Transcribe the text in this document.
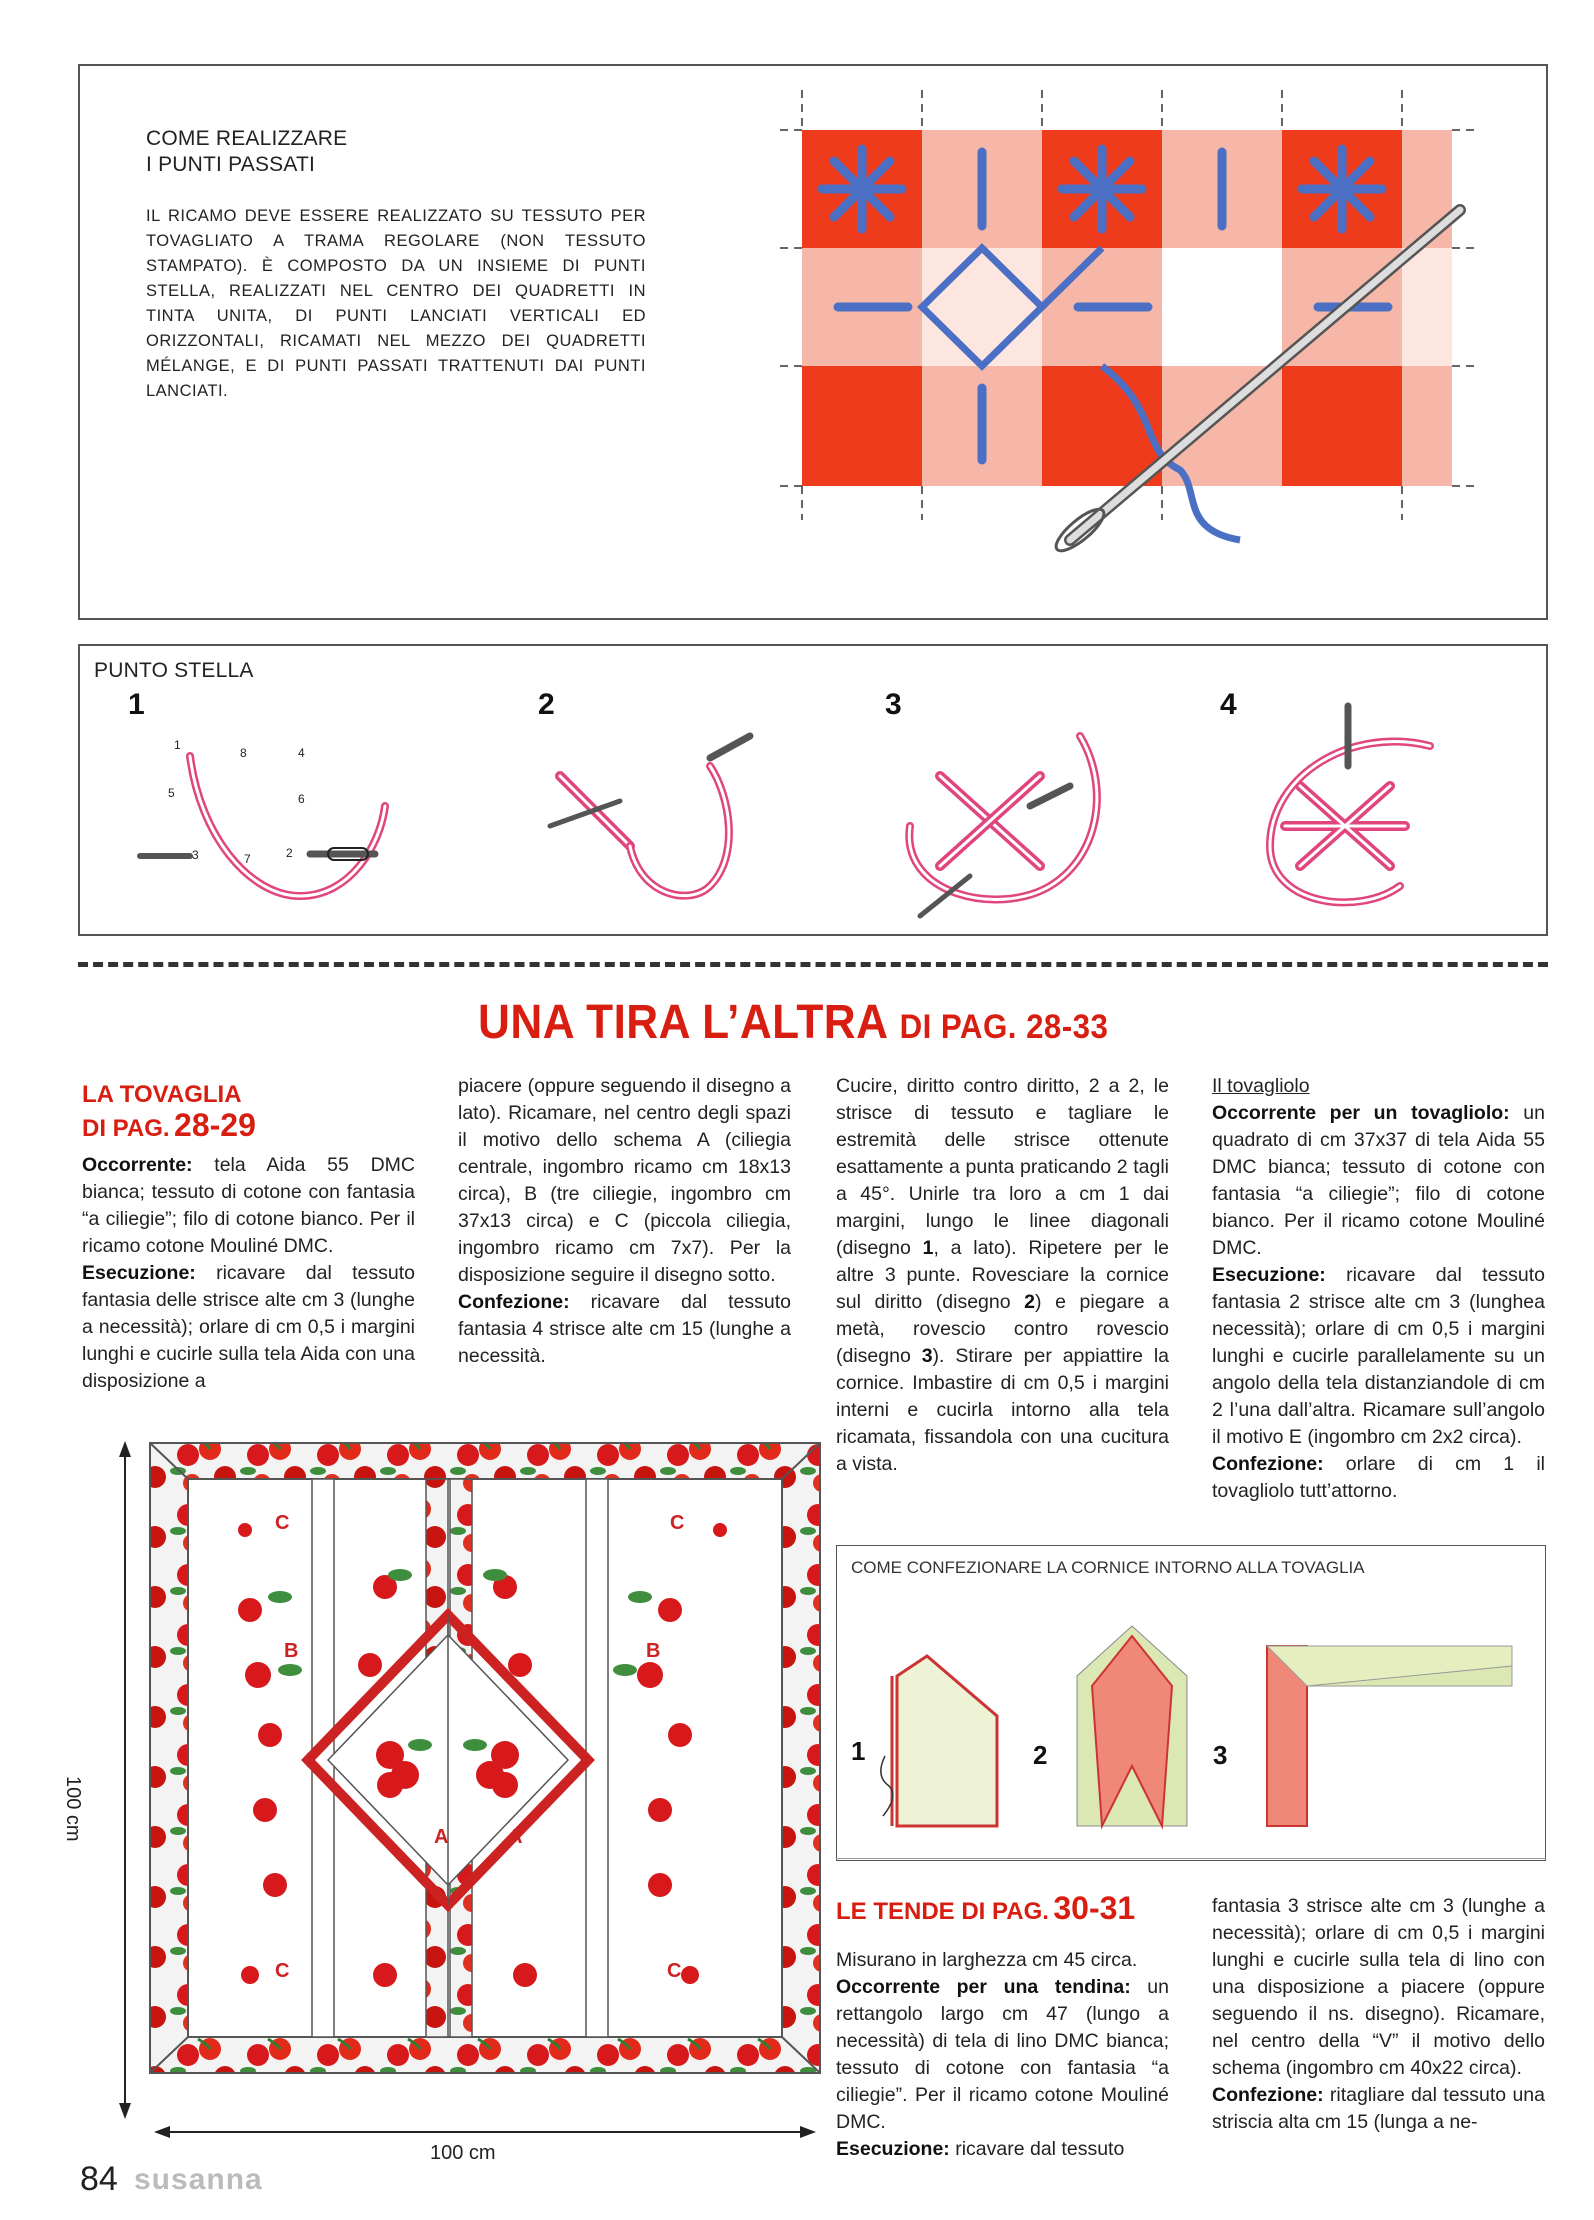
COME REALIZZARE
I PUNTI PASSATI
IL RICAMO DEVE ESSERE REALIZZATO SU TESSUTO PER TOVAGLIATO A TRAMA REGOLARE (NON TESSUTO STAMPATO). È COMPOSTO DA UN INSIEME DI PUNTI STELLA, REALIZZATI NEL CENTRO DEI QUADRETTI IN TINTA UNITA, DI PUNTI LANCIATI VERTICALI ED ORIZZONTALI, RICAMATI NEL MEZZO DEI QUADRETTI MÉLANGE, E DI PUNTI PASSATI TRATTENUTI DAI PUNTI LANCIATI.
PUNTO STELLA
1	2	3	4
1
8	4
5	6
3	7	2
UNA TIRA L’ALTRA DI PAG. 28-33
LA TOVAGLIA
DI PAG. 28-29

Occorrente: tela Aida 55 DMC bianca; tessuto di cotone con fantasia “a ciliegie”; filo di cotone bianco. Per il ricamo cotone Mouliné DMC.

Esecuzione: ricavare dal tessuto fantasia delle strisce alte cm 3 (lunghe a necessità); orlare di cm 0,5 i margini lunghi e cucirle sulla tela Aida con una disposizione a

piacere (oppure seguendo il disegno a lato). Ricamare, nel centro degli spazi il motivo dello schema A (ciliegia centrale, ingombro ricamo cm 18x13 circa), B (tre ciliegie, ingombro cm 37x13 circa) e C (piccola ciliegia, ingombro ricamo cm 7x7). Per la disposizione seguire il disegno sotto.

Confezione: ricavare dal tessuto fantasia 4 strisce alte cm 15 (lunghe a necessità.

Cucire, diritto contro diritto, 2 a 2, le strisce di tessuto e tagliare le estremità delle strisce ottenute esattamente a punta praticando 2 tagli a 45°. Unirle tra loro a cm 1 dai margini, lungo le linee diagonali (disegno 1, a lato). Ripetere per le altre 3 punte. Rovesciare la cornice sul diritto (disegno 2) e piegare a metà, rovescio contro rovescio (disegno 3). Stirare per appiattire la cornice. Imbastire di cm 0,5 i margini interni e cucirla intorno alla tela ricamata, fissandola con una cucitura a vista.

Il tovagliolo

Occorrente per un tovagliolo: un quadrato di cm 37x37 di tela Aida 55 DMC bianca; tessuto di cotone con fantasia “a ciliegie”; filo di cotone bianco. Per il ricamo cotone Mouliné DMC.

Esecuzione: ricavare dal tessuto fantasia 2 strisce alte cm 3 (lunghea necessità); orlare di cm 0,5 i margini lunghi e cucirle parallelamente su un angolo della tela distanziandole di cm 2 l’una dall’altra. Ricamare sull’angolo il motivo E (ingombro cm 2x2 circa).

Confezione: orlare di cm 1 il tovagliolo tutt’attorno.

100 cm
100 cm
C	C
B	B
A	A
C	C
COME CONFEZIONARE LA CORNICE INTORNO ALLA TOVAGLIA
1	2	3
LE TENDE DI PAG. 30-31

Misurano in larghezza cm 45 circa.

Occorrente per una tendina: un rettangolo largo cm 47 (lungo a necessità) di tela di lino DMC bianca; tessuto di cotone con fantasia “a ciliegie”. Per il ricamo cotone Mouliné DMC.

Esecuzione: ricavare dal tessuto

fantasia 3 strisce alte cm 3 (lunghe a necessità); orlare di cm 0,5 i margini lunghi e cucirle sulla tela di lino con una disposizione a piacere (oppure seguendo il ns. disegno). Ricamare, nel centro della “V” il motivo dello schema (ingombro cm 40x22 circa).

Confezione: ritagliare dal tessuto una striscia alta cm 15 (lunga a ne-

84 susanna
